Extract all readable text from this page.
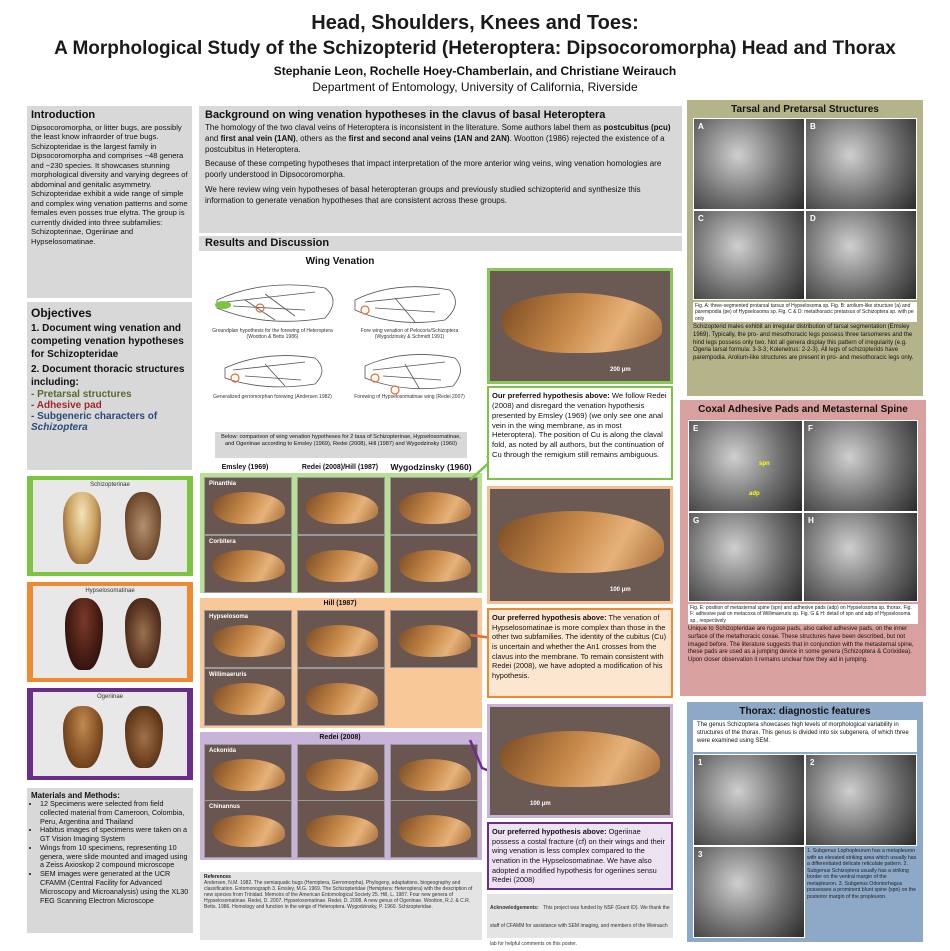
Head, Shoulders, Knees and Toes:
A Morphological Study of the Schizopterid (Heteroptera: Dipsocoromorpha) Head and Thorax
Stephanie Leon, Rochelle Hoey-Chamberlain, and Christiane Weirauch
Department of Entomology, University of California, Riverside
Introduction
Dipsocoromorpha, or litter bugs, are possibly the least know infraorder of true bugs. Schizopteridae is the largest family in Dipsocoromorpha and comprises ~48 genera and ~230 species. It showcases stunning morphological diversity and varying degrees of abdominal and genitalic asymmetry. Schizopteridae exhibit a wide range of simple and complex wing venation patterns and some females even posses true elytra. The group is currently divided into three subfamilies: Schizopterinae, Ogeriinae and Hypselosomatinae.
Objectives
1. Document wing venation and competing venation hypotheses for Schizopteridae
2. Document thoracic structures including:
- Pretarsal structures
- Adhesive pad
- Subgeneric characters of Schizoptera
Schizopterinae
Hypselosomatinae
Ogeriinae
Materials and Methods:
• 12 Specimens were selected from field collected material from Cameroon, Colombia, Peru, Argentina and Thailand
• Habitus images of specimens were taken on a GT Vision Imaging System
• Wings from 10 specimens, representing 10 genera, were slide mounted and imaged using a Zeiss Axioskop 2 compound microscope
• SEM images were generated at the UCR CFAMM (Central Facility for Advanced Microscopy and Microanalysis) using the XL30 FEG Scanning Electron Microscope
Background on wing venation hypotheses in the clavus of basal Heteroptera

The homology of the two claval veins of Heteroptera is inconsistent in the literature. Some authors label them as postcubitus (pcu) and first anal vein (1AN), others as the first and second anal veins (1AN and 2AN). Wootton (1986) rejected the existence of a postcubitus in Heteroptera.

Because of these competing hypotheses that impact interpretation of the more anterior wing veins, wing venation homologies are poorly understood in Dipsocoromorpha.

We here review wing vein hypotheses of basal heteropteran groups and previously studied schizopterid and synthesize this information to generate venation hypotheses that are consistent across these groups.

Results and Discussion
Wing Venation
Groundplan hypothesis for the forewing of Heteroptera (Wootton & Betts 1986)
Fore wing venation of Pelocoris/Schizoptera (Wygodzinsky & Schmidt 1991)
Generalized gerromorphan forewing (Andersen 1982)	Forewing of Hypselosomatinae wing (Redei 2007)
Below: comparison of wing venation hypotheses for 2 taxa of Schizopterinae, Hypselosomatinae, and Ogeriinae according to Emsley (1969), Redei (2008), Hill (1987) and Wygodzinsky (1960)
Emsley (1969)	Redei (2008)/Hill (1987)	Wygodzinsky (1960)
Pinanthia
Corbitera
Hill (1987)
Hypselosoma
Willimaeruris
Redei (2008)
Ackonida
Chinannus
References
Andersen, N.M. 1982. The semiaquatic bugs (Hemiptera, Gerromorpha). Phylogeny, adaptations, biogeography and classification. Entomonograph 3. Emsley, M.G. 1969. The Schizopteridae (Hemiptera: Heteroptera) with the description of new species from Trinidad. Memoirs of the American Entomological Society 25. Hill, L. 1987. Four new genera of Hypselosomatinae. Redei, D. 2007. Hypselosomatinae. Redei, D. 2008. A new genus of Ogeriinae. Wootton, R.J. & C.R. Betts. 1986. Homology and function in the wings of Heteroptera. Wygodzinsky, P. 1960. Schizopteridae.
200 μm
Our preferred hypothesis above: We follow Redei (2008) and disregard the venation hypothesis presented by Emsley (1969) (we only see one anal vein in the wing membrane, as in most Heteroptera). The position of Cu is along the claval fold, as noted by all authors, but the continuation of Cu through the remigium still remains ambiguous.
100 μm
Our preferred hypothesis above: The venation of Hypselosomatinae is more complex than those in the other two subfamilies. The identity of the cubitus (Cu) is uncertain and whether the An1 crosses from the clavus into the membrane. To remain consistent with Redei (2008), we have adopted a modification of his hypothesis.
100 μm
Our preferred hypothesis above: Ogeriinae possess a costal fracture (cf) on their wings and their wing venation is less complex compared to the venation in the Hypselosomatinae. We have also adopted a modified hypothesis for ogeriines sensu Redei (2008)
Acknowledgements: This project was funded by NSF (Grant ID). We thank the staff of CFAMM for assistance with SEM imaging, and members of the Weirauch lab for helpful comments on this poster.
Tarsal and Pretarsal Structures
A	B
C	D
Fig. A: three-segmented protarsal tarsus of Hypselosoma sp. Fig. B: arolium-like structure (a) and parempodia (pe) of Hypselosoma sp. Fig. C & D: metathoracic pretarsus of Schizoptera sp. with pe only
Schizopterid males exhibit an irregular distribution of tarsal segmentation (Emsley 1969). Typically, the pro- and mesothoracic legs possess three tarsomeres and the hind legs possess only two. Not all genera display this pattern of irregularity (e.g. Ogeria tarsal formula: 3-3-3; Kolenetrus: 2-2-3). All legs of schizopterids have parempodia. Arolium-like structures are present in pro- and mesothoracic legs only.
Coxal Adhesive Pads and Metasternal Spine
E
spn
adp
F
G	H
Fig. E: position of metasternal spine (spn) and adhesive pads (adp) on Hypselosoma sp. thorax. Fig. F: adhesive pad on metacoxa of Willimaeruris sp. Fig. G & H: detail of spn and adp of Hypselosoma sp., respectively
Unique to Schizopteridae are rugose pads, also called adhesive pads, on the inner surface of the metathoracic coxae. These structures have been described, but not imaged before. The literature suggests that in conjunction with the metasternal spine, these pads are used as a jumping device in some genera (Schizoptera & Corixidea). Upon closer observation it remains unclear how they aid in jumping.
Thorax: diagnostic features
The genus Schizoptera showcases high levels of morphological variability in structures of the thorax. This genus is divided into six subgenera, of which three were examined using SEM.
1	2
3	1. Subgenus Lophopleurum has a metapleuron with an elevated striking area which usually has a differentiated delicate reticulate pattern. 2. Subgenus Schizoptera usually has a striking border on the ventral margin of the metapleuron. 3. Subgenus Odontorhagus possesses a prominent blunt spine (spn) on the posterior margin of the propleuron.
